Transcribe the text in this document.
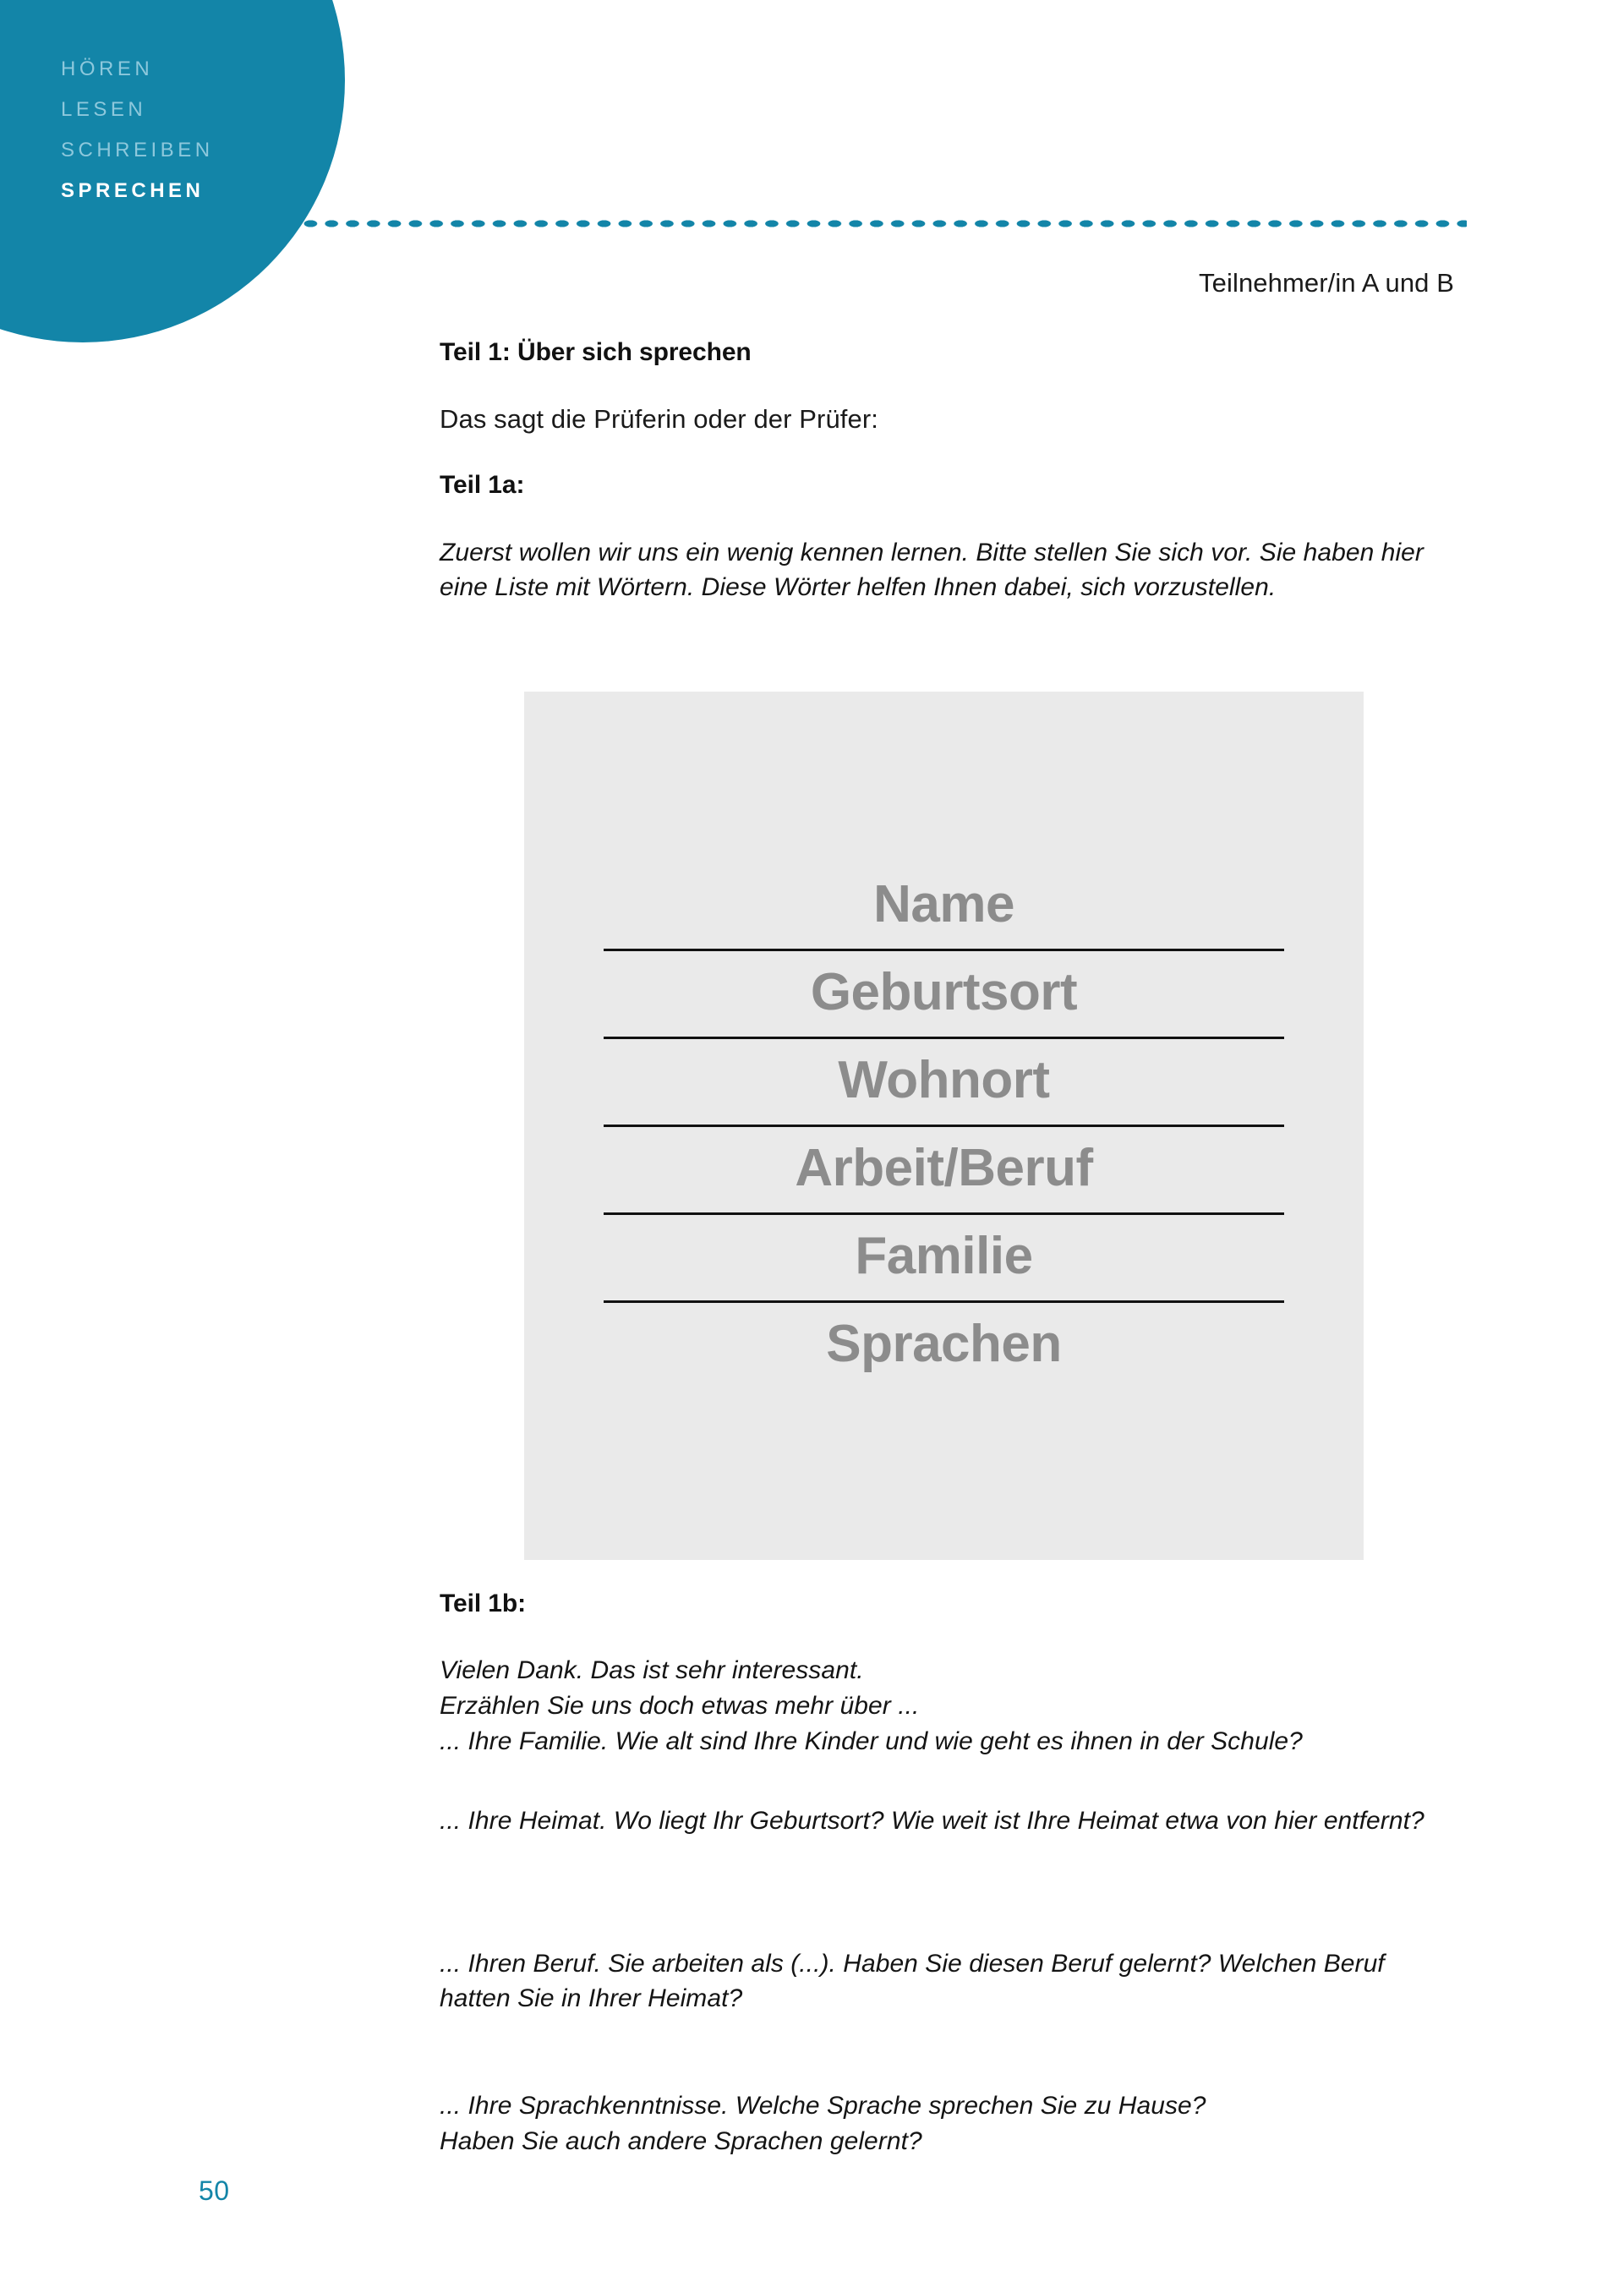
HÖREN
LESEN
SCHREIBEN
SPRECHEN
Teilnehmer/in A und B
Teil 1: Über sich sprechen
Das sagt die Prüferin oder der Prüfer:
Teil 1a:
Zuerst wollen wir uns ein wenig kennen lernen. Bitte stellen Sie sich vor. Sie haben hier eine Liste mit Wörtern. Diese Wörter helfen Ihnen dabei, sich vorzustellen.
Name
Geburtsort
Wohnort
Arbeit/Beruf
Familie
Sprachen
Teil 1b:
Vielen Dank. Das ist sehr interessant.
Erzählen Sie uns doch etwas mehr über ...
... Ihre Familie. Wie alt sind Ihre Kinder und wie geht es ihnen in der Schule?
... Ihre Heimat. Wo liegt Ihr Geburtsort? Wie weit ist Ihre Heimat etwa von hier entfernt?
... Ihren Beruf. Sie arbeiten als (...). Haben Sie diesen Beruf gelernt? Welchen Beruf hatten Sie in Ihrer Heimat?
... Ihre Sprachkenntnisse. Welche Sprache sprechen Sie zu Hause?
Haben Sie auch andere Sprachen gelernt?
50
